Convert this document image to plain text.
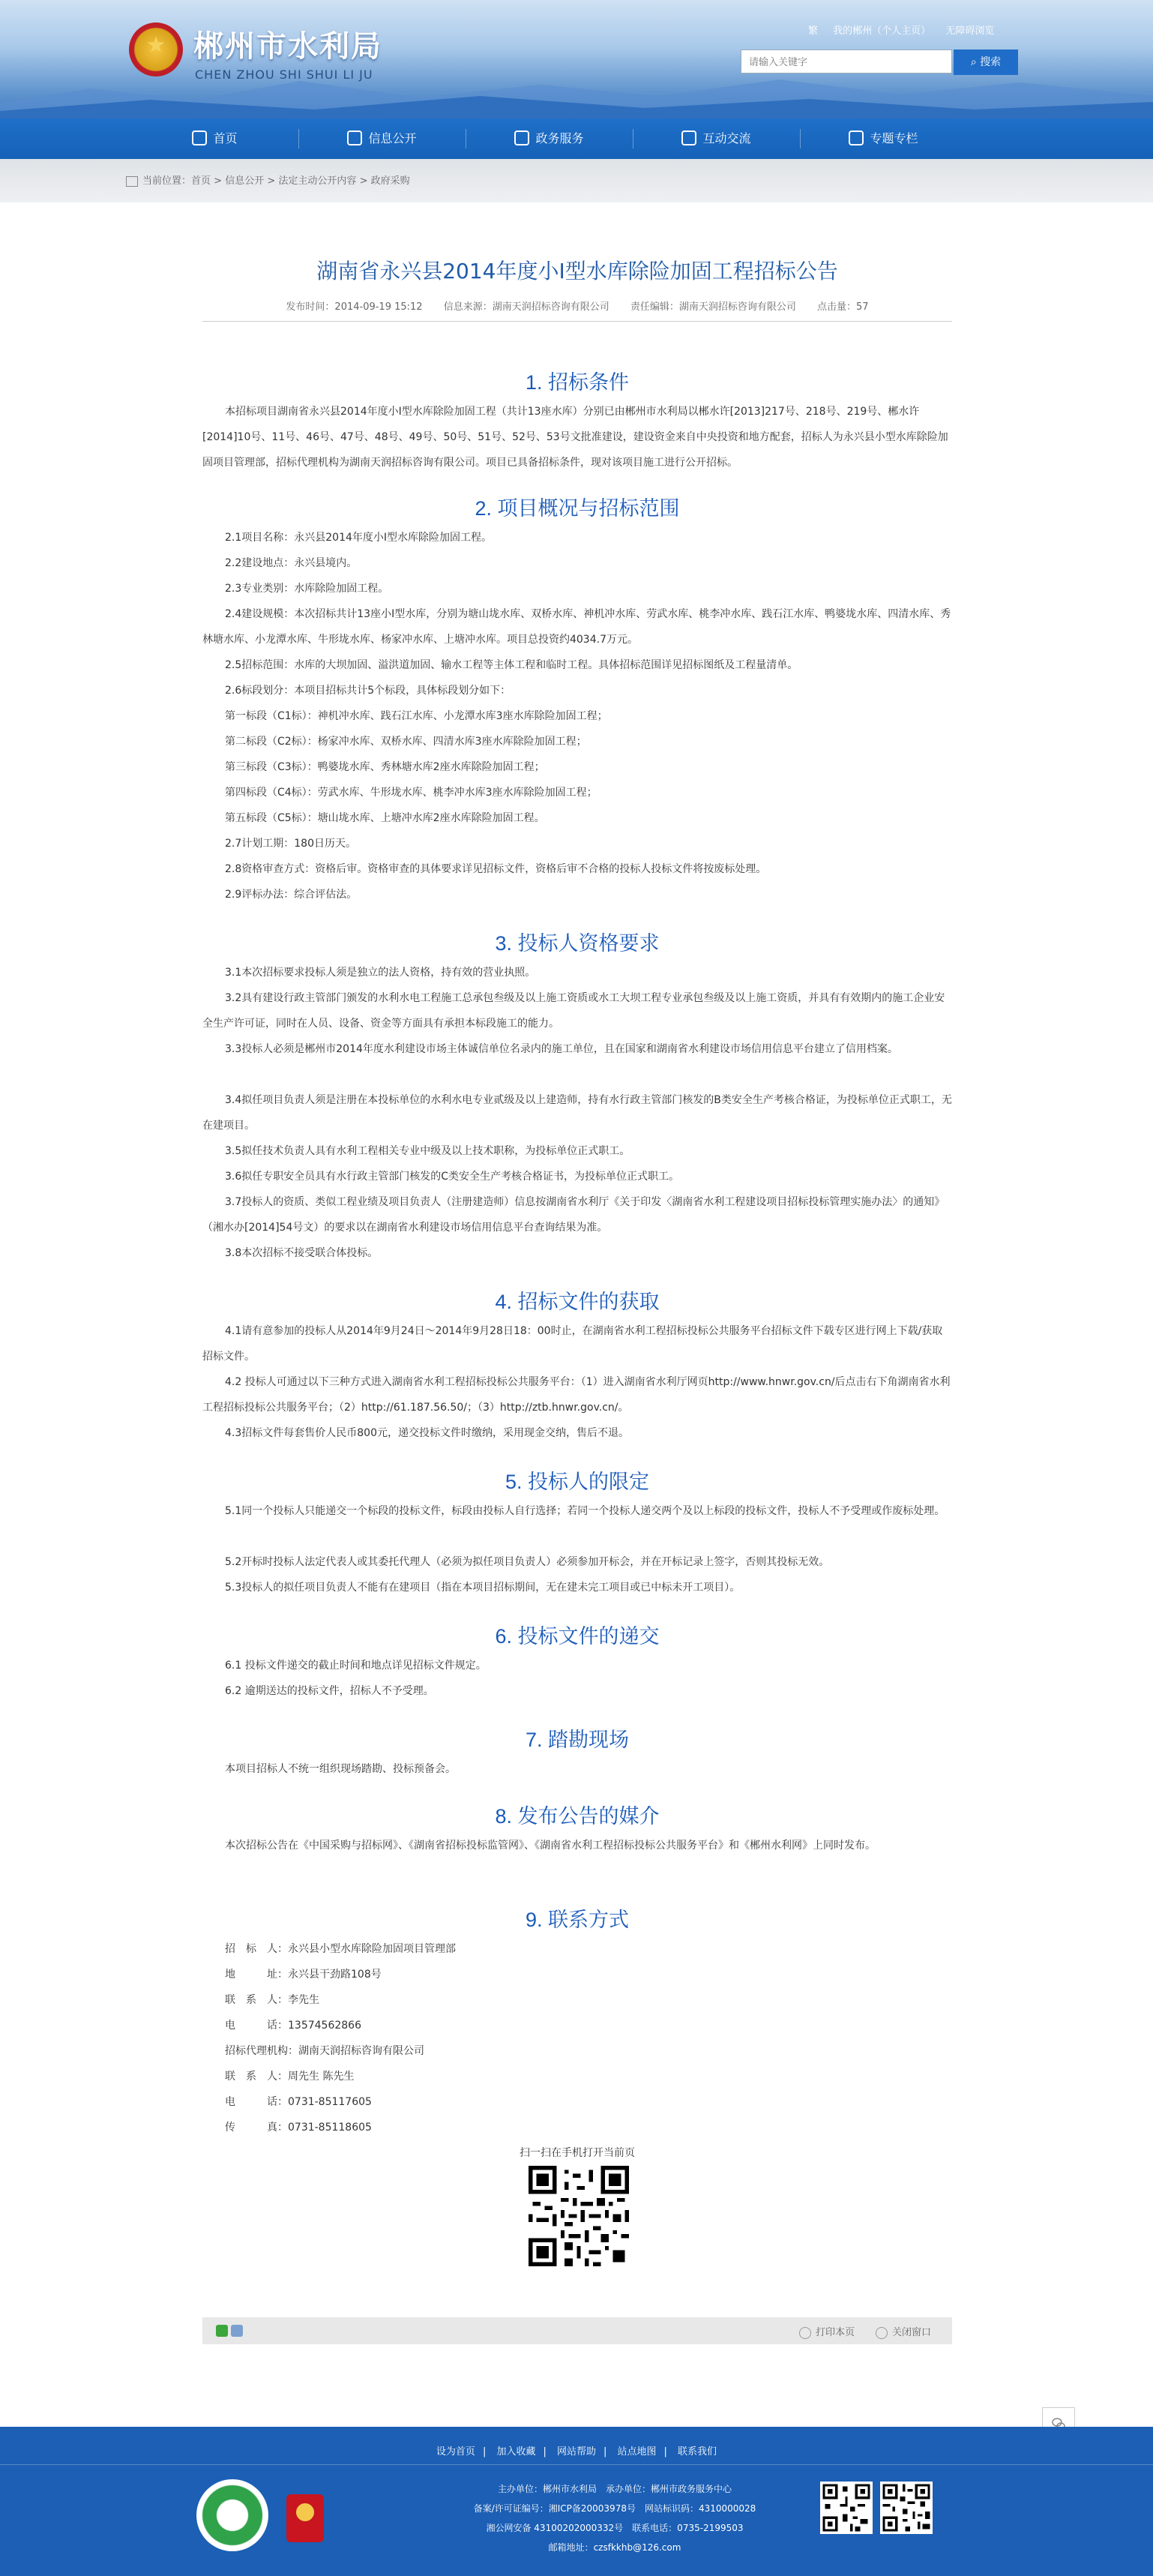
郴州市水利局
CHEN ZHOU SHI SHUI LI JU
繁 我的郴州（个人主页） 无障碍浏览
请输入关键字
⌕ 搜索
首页	信息公开	政务服务	互动交流	专题专栏
当前位置：首页 > 信息公开 > 法定主动公开内容 > 政府采购
湖南省永兴县2014年度小Ⅰ型水库除险加固工程招标公告
发布时间：2014-09-19 15:12 信息来源：湖南天润招标咨询有限公司 责任编辑：湖南天润招标咨询有限公司 点击量：57
1. 招标条件

本招标项目湖南省永兴县2014年度小Ⅰ型水库除险加固工程（共计13座水库）分别已由郴州市水利局以郴水许[2013]217号、218号、219号、郴水许[2014]10号、11号、46号、47号、48号、49号、50号、51号、52号、53号文批准建设，建设资金来自中央投资和地方配套，招标人为永兴县小型水库除险加固项目管理部，招标代理机构为湖南天润招标咨询有限公司。项目已具备招标条件，现对该项目施工进行公开招标。

2. 项目概况与招标范围

2.1项目名称：永兴县2014年度小Ⅰ型水库除险加固工程。

2.2建设地点：永兴县境内。

2.3专业类别：水库除险加固工程。

2.4建设规模：本次招标共计13座小Ⅰ型水库，分别为塘山垅水库、双桥水库、神机冲水库、劳武水库、桃李冲水库、践石江水库、鸭婆垅水库、四清水库、秀林塘水库、小龙潭水库、牛形垅水库、杨家冲水库、上塘冲水库。项目总投资约4034.7万元。

2.5招标范围：水库的大坝加固、溢洪道加固、输水工程等主体工程和临时工程。具体招标范围详见招标图纸及工程量清单。

2.6标段划分：本项目招标共计5个标段，具体标段划分如下：

第一标段（C1标）：神机冲水库、践石江水库、小龙潭水库3座水库除险加固工程；

第二标段（C2标）：杨家冲水库、双桥水库、四清水库3座水库除险加固工程；

第三标段（C3标）：鸭婆垅水库、秀林塘水库2座水库除险加固工程；

第四标段（C4标）：劳武水库、牛形垅水库、桃李冲水库3座水库除险加固工程；

第五标段（C5标）：塘山垅水库、上塘冲水库2座水库除险加固工程。

2.7计划工期：180日历天。

2.8资格审查方式：资格后审。资格审查的具体要求详见招标文件，资格后审不合格的投标人投标文件将按废标处理。

2.9评标办法：综合评估法。

3. 投标人资格要求

3.1本次招标要求投标人须是独立的法人资格，持有效的营业执照。

3.2具有建设行政主管部门颁发的水利水电工程施工总承包叁级及以上施工资质或水工大坝工程专业承包叁级及以上施工资质，并具有有效期内的施工企业安全生产许可证，同时在人员、设备、资金等方面具有承担本标段施工的能力。

3.3投标人必须是郴州市2014年度水利建设市场主体诚信单位名录内的施工单位，且在国家和湖南省水利建设市场信用信息平台建立了信用档案。

3.4拟任项目负责人须是注册在本投标单位的水利水电专业贰级及以上建造师，持有水行政主管部门核发的B类安全生产考核合格证，为投标单位正式职工，无在建项目。

3.5拟任技术负责人具有水利工程相关专业中级及以上技术职称，为投标单位正式职工。

3.6拟任专职安全员具有水行政主管部门核发的C类安全生产考核合格证书，为投标单位正式职工。

3.7投标人的资质、类似工程业绩及项目负责人（注册建造师）信息按湖南省水利厅《关于印发〈湖南省水利工程建设项目招标投标管理实施办法〉的通知》（湘水办[2014]54号文）的要求以在湖南省水利建设市场信用信息平台查询结果为准。

3.8本次招标不接受联合体投标。

4. 招标文件的获取

4.1请有意参加的投标人从2014年9月24日～2014年9月28日18：00时止，在湖南省水利工程招标投标公共服务平台招标文件下载专区进行网上下载/获取招标文件。

4.2 投标人可通过以下三种方式进入湖南省水利工程招标投标公共服务平台：（1）进入湖南省水利厅网页http://www.hnwr.gov.cn/后点击右下角湖南省水利工程招标投标公共服务平台；（2）http://61.187.56.50/；（3）http://ztb.hnwr.gov.cn/。

4.3招标文件每套售价人民币800元，递交投标文件时缴纳，采用现金交纳，售后不退。

5. 投标人的限定

5.1同一个投标人只能递交一个标段的投标文件，标段由投标人自行选择；若同一个投标人递交两个及以上标段的投标文件，投标人不予受理或作废标处理。

5.2开标时投标人法定代表人或其委托代理人（必须为拟任项目负责人）必须参加开标会，并在开标记录上签字，否则其投标无效。

5.3投标人的拟任项目负责人不能有在建项目（指在本项目招标期间，无在建未完工项目或已中标未开工项目）。

6. 投标文件的递交

6.1 投标文件递交的截止时间和地点详见招标文件规定。

6.2 逾期送达的投标文件，招标人不予受理。

7. 踏勘现场

本项目招标人不统一组织现场踏勘、投标预备会。

8. 发布公告的媒介

本次招标公告在《中国采购与招标网》、《湖南省招标投标监管网》、《湖南省水利工程招标投标公共服务平台》和《郴州水利网》上同时发布。

9. 联系方式

招　标　人：永兴县小型水库除险加固项目管理部

地　　　址：永兴县干劲路108号

联　系　人：李先生

电　　　话：13574562866

招标代理机构：湖南天润招标咨询有限公司

联　系　人：周先生 陈先生

电　　　话：0731-85117605

传　　　真：0731-85118605

扫一扫在手机打开当前页
打印本页	关闭窗口
设为首页 | 加入收藏 | 网站帮助 | 站点地图 | 联系我们
主办单位：郴州市水利局　承办单位：郴州市政务服务中心
备案/许可证编号：湘ICP备20003978号　网站标识码：4310000028
湘公网安备 43100202000332号　联系电话：0735-2199503
邮箱地址：czsfkkhb@126.com
